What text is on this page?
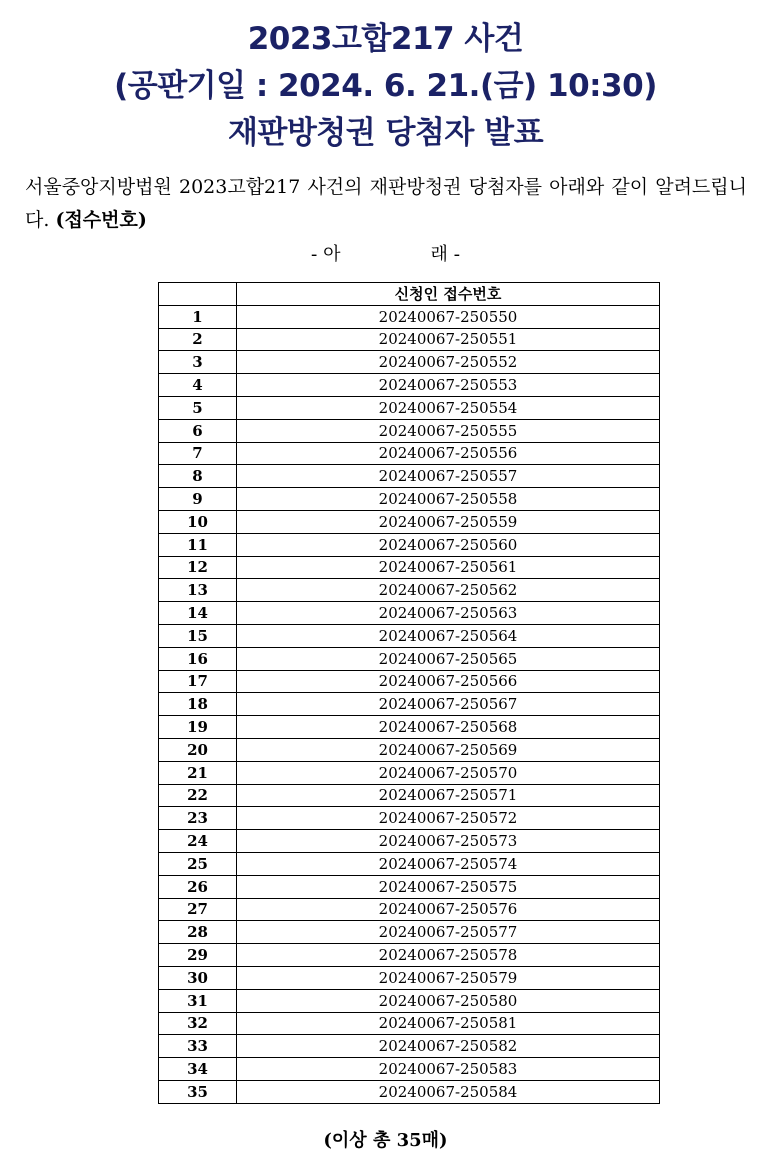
2023고합217 사건
(공판기일 : 2024. 6. 21.(금) 10:30)
재판방청권 당첨자 발표
서울중앙지방법원 2023고합217 사건의 재판방청권 당첨자를 아래와 같이 알려드립니다. (접수번호)
- 아	래 -
	신청인 접수번호
1	20240067-250550
2	20240067-250551
3	20240067-250552
4	20240067-250553
5	20240067-250554
6	20240067-250555
7	20240067-250556
8	20240067-250557
9	20240067-250558
10	20240067-250559
11	20240067-250560
12	20240067-250561
13	20240067-250562
14	20240067-250563
15	20240067-250564
16	20240067-250565
17	20240067-250566
18	20240067-250567
19	20240067-250568
20	20240067-250569
21	20240067-250570
22	20240067-250571
23	20240067-250572
24	20240067-250573
25	20240067-250574
26	20240067-250575
27	20240067-250576
28	20240067-250577
29	20240067-250578
30	20240067-250579
31	20240067-250580
32	20240067-250581
33	20240067-250582
34	20240067-250583
35	20240067-250584
(이상 총 35매)
